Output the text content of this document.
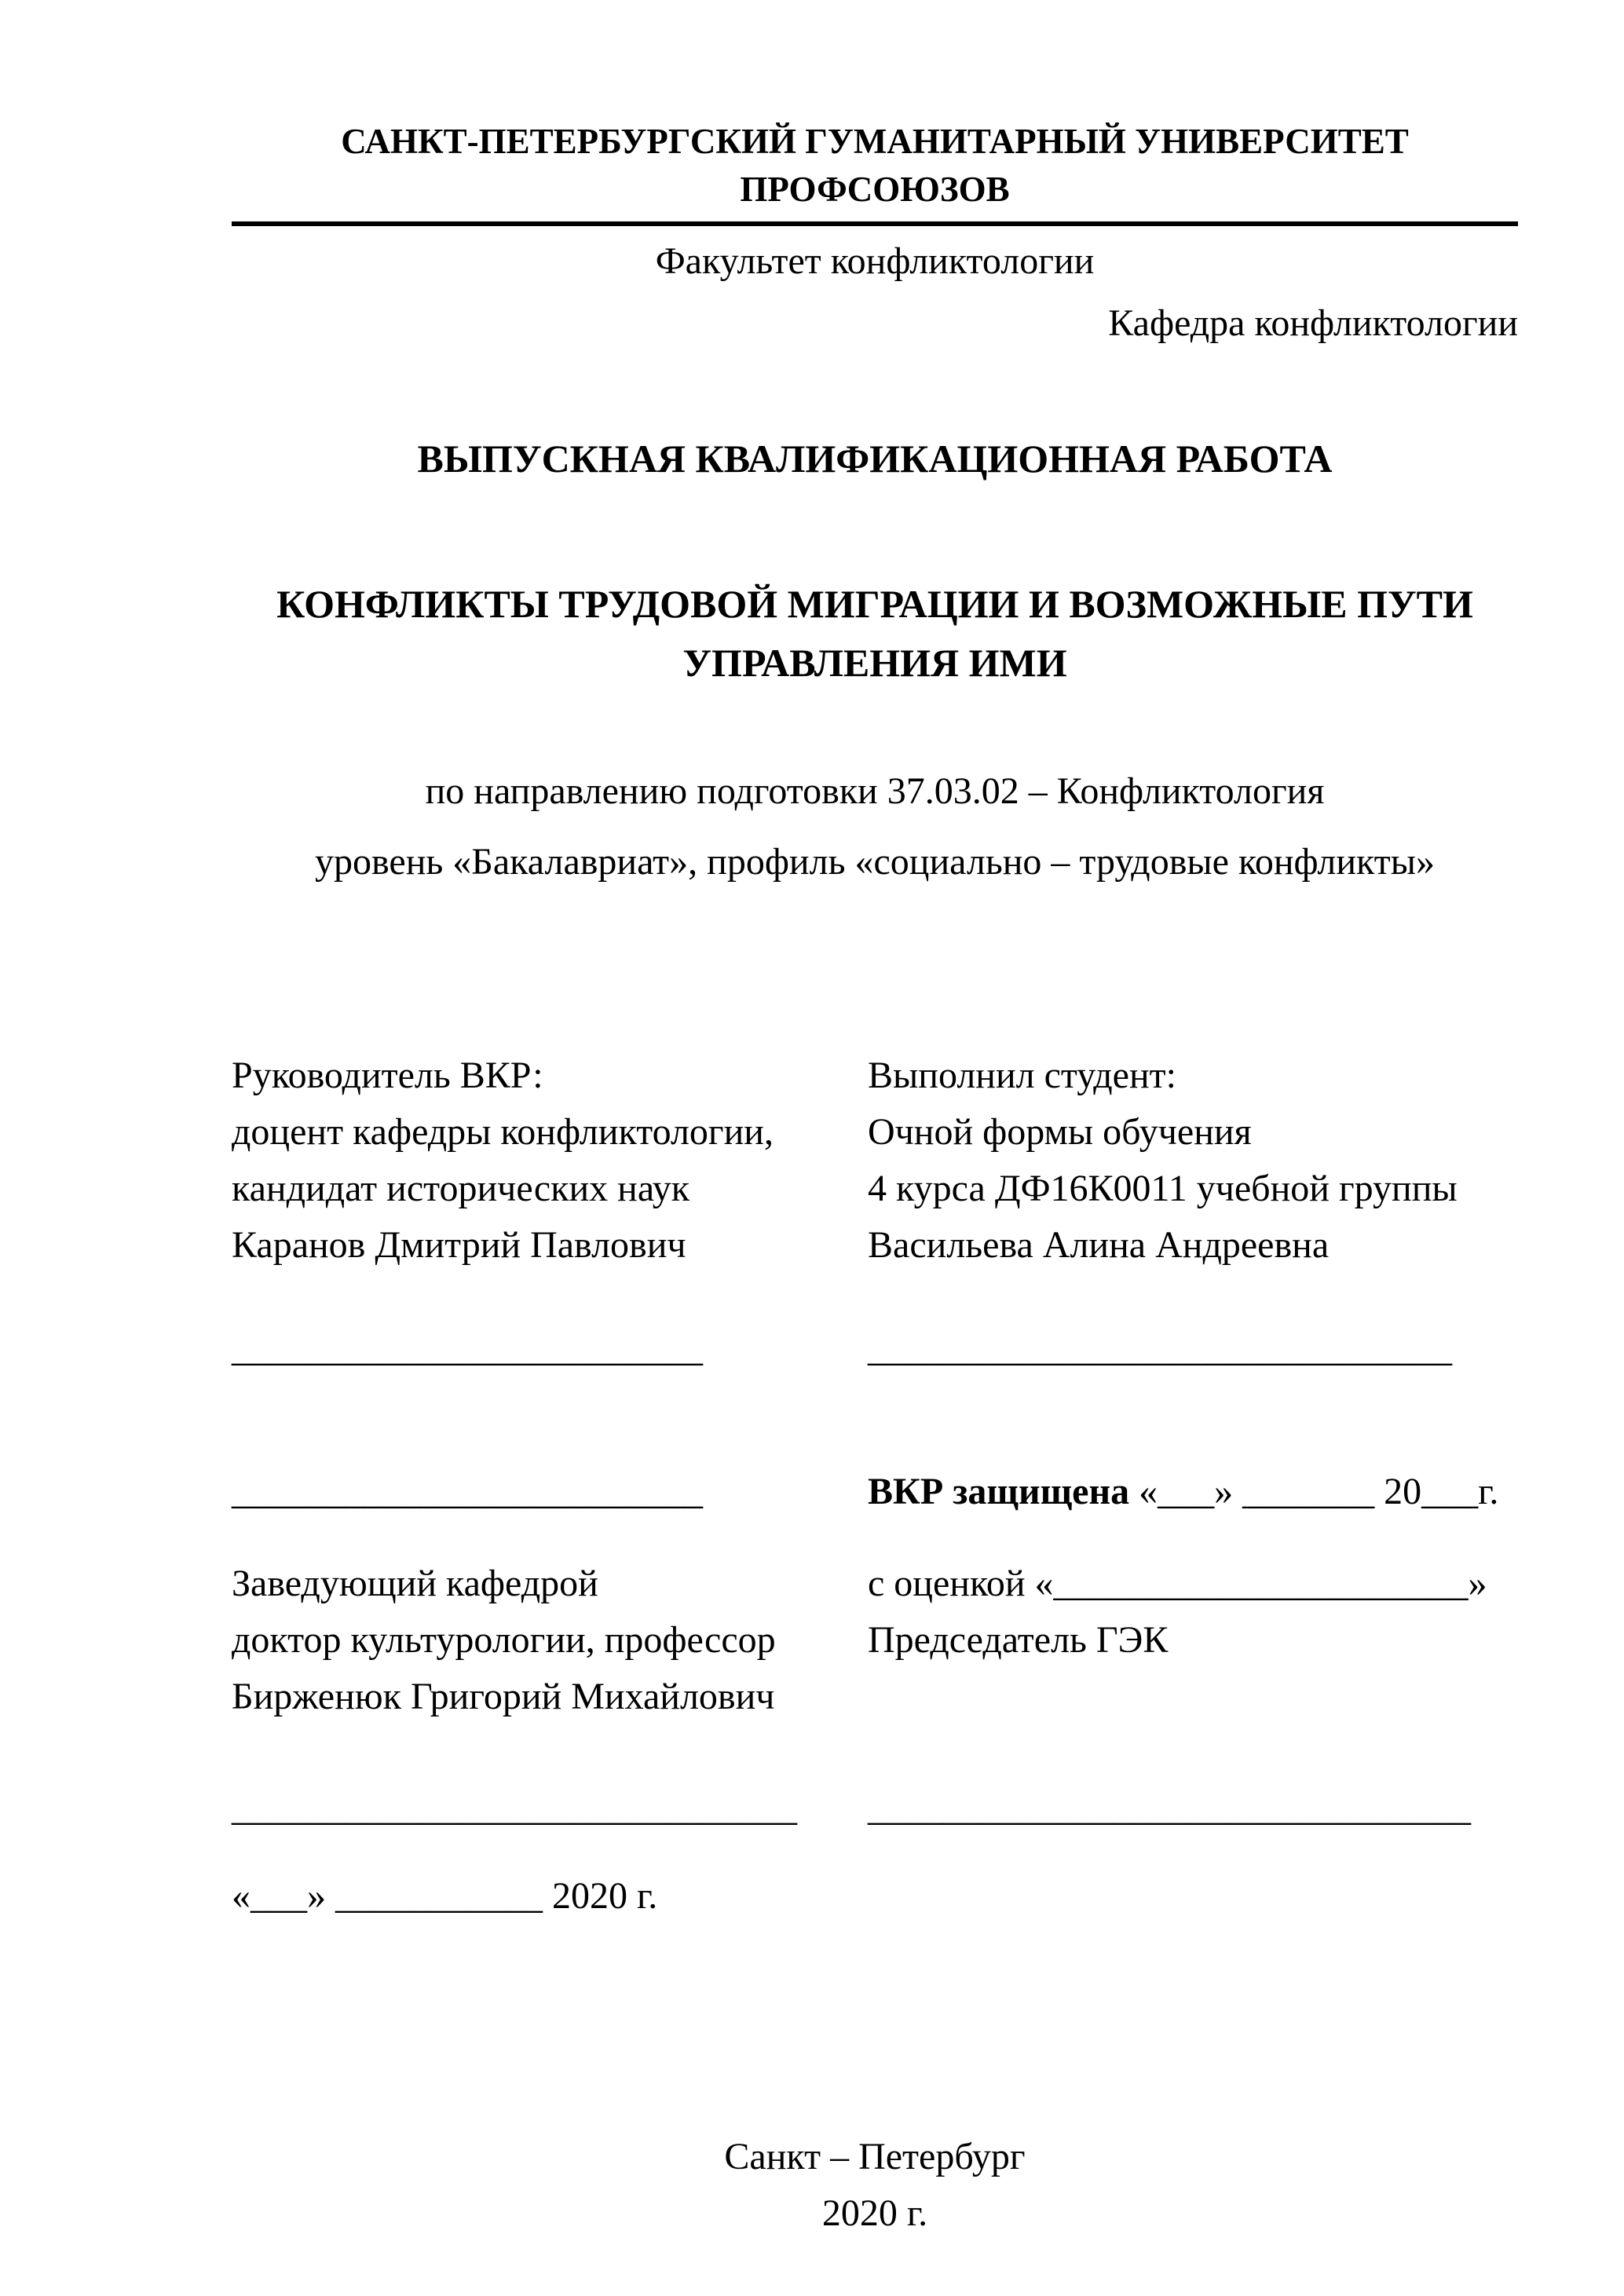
САНКТ-ПЕТЕРБУРГСКИЙ ГУМАНИТАРНЫЙ УНИВЕРСИТЕТ ПРОФСОЮЗОВ
Факультет конфликтологии
Кафедра конфликтологии
ВЫПУСКНАЯ КВАЛИФИКАЦИОННАЯ РАБОТА
КОНФЛИКТЫ ТРУДОВОЙ МИГРАЦИИ И ВОЗМОЖНЫЕ ПУТИ УПРАВЛЕНИЯ ИМИ
по направлению подготовки 37.03.02 – Конфликтология
уровень «Бакалавриат», профиль «социально – трудовые конфликты»
Руководитель ВКР:
доцент кафедры конфликтологии,
кандидат исторических наук
Каранов Дмитрий Павлович
Выполнил студент:
Очной формы обучения
4 курса ДФ16К0011 учебной группы
Васильева Алина Андреевна
_________________________	_______________________________
_________________________	ВКР защищена «___» _______ 20___г.
Заведующий кафедрой
доктор культурологии, профессор
Бирженюк Григорий Михайлович
с оценкой «______________________»
Председатель ГЭК
______________________________	________________________________
«___» ___________ 2020 г.
Санкт – Петербург
2020 г.
